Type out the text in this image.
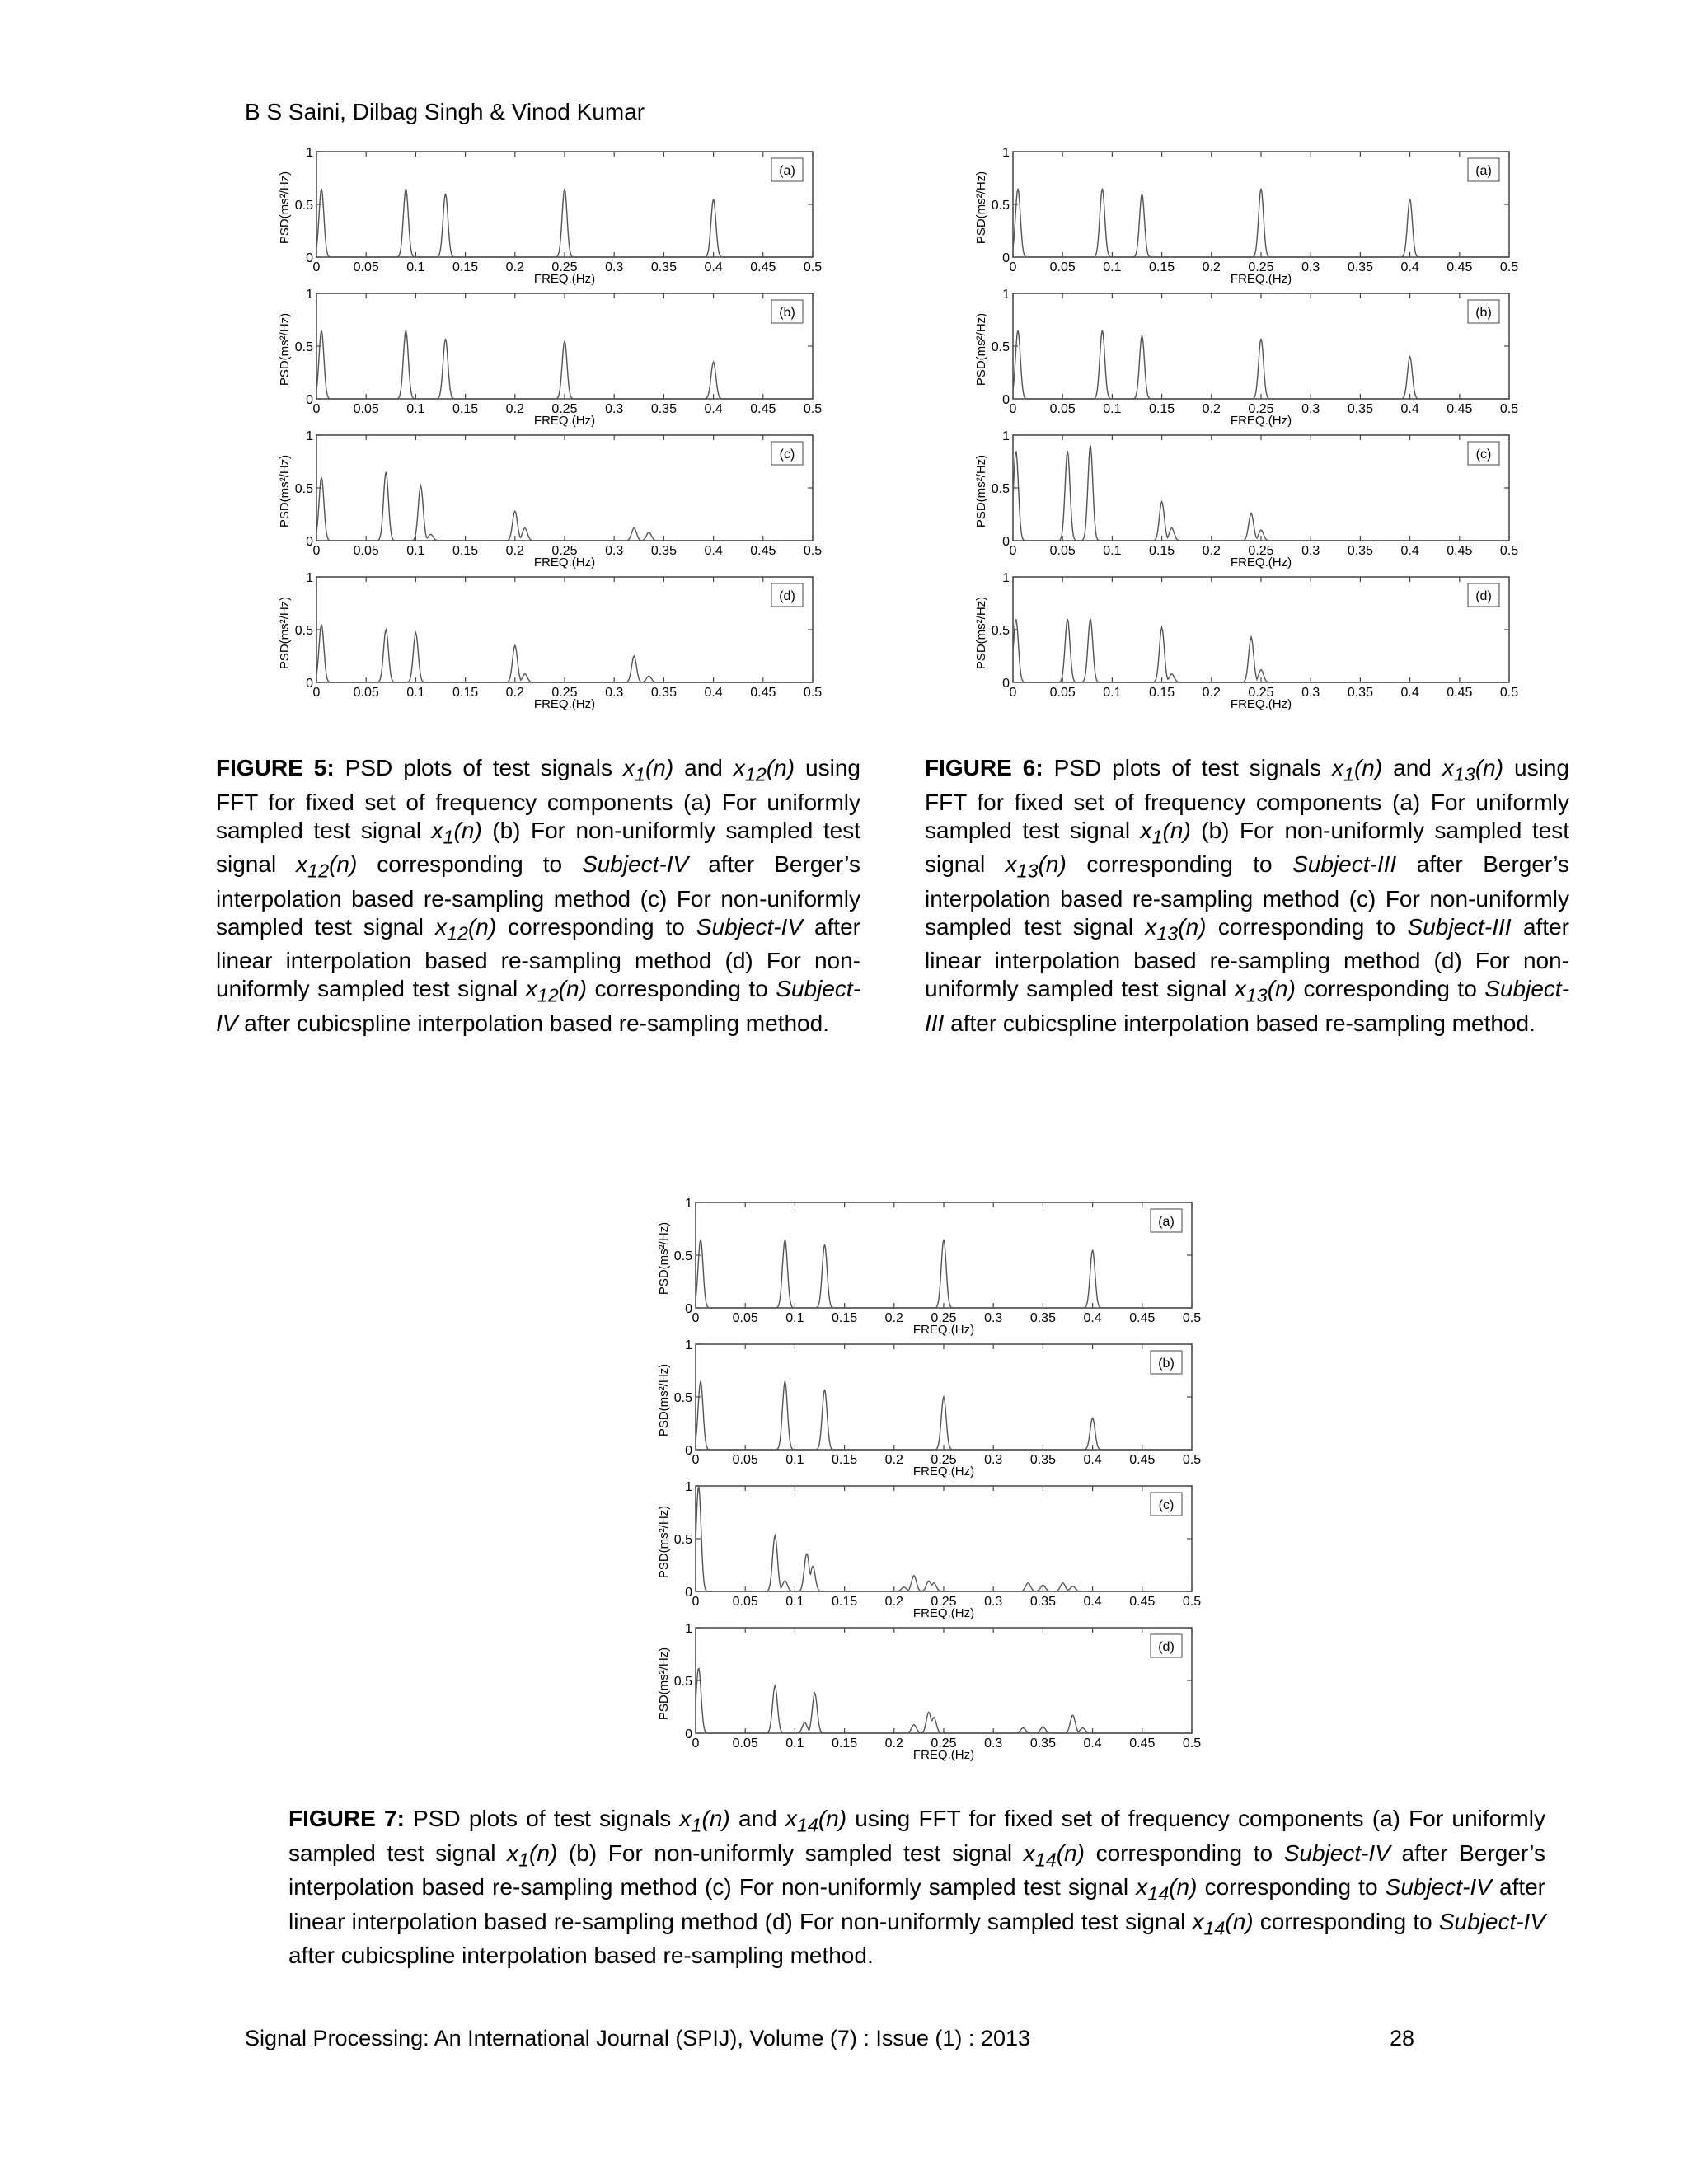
B S Saini, Dilbag Singh & Vinod Kumar
0
0.5
1
0	0.05 0.1 0.15 0.2 0.25 0.3 0.35 0.4 0.45 0.5
FREQ.(Hz)
PSD(ms²/Hz)
(a)
0
0.5
1
0	0.05 0.1 0.15 0.2 0.25 0.3 0.35 0.4 0.45 0.5
FREQ.(Hz)
PSD(ms²/Hz)
(b)
0
0.5
1
0	0.05 0.1 0.15 0.2 0.25 0.3 0.35 0.4 0.45 0.5
FREQ.(Hz)
PSD(ms²/Hz)
(c)
0
0.5
1
0	0.05 0.1 0.15 0.2 0.25 0.3 0.35 0.4 0.45 0.5
FREQ.(Hz)
PSD(ms²/Hz)
(d)
0
0.5
1
0	0.05 0.1 0.15 0.2 0.25 0.3 0.35 0.4 0.45 0.5
FREQ.(Hz)
PSD(ms²/Hz)
(a)
0
0.5
1
0	0.05 0.1 0.15 0.2 0.25 0.3 0.35 0.4 0.45 0.5
FREQ.(Hz)
PSD(ms²/Hz)
(b)
0
0.5
1
0	0.05 0.1 0.15 0.2 0.25 0.3 0.35 0.4 0.45 0.5
FREQ.(Hz)
PSD(ms²/Hz)
(c)
0
0.5
1
0	0.05 0.1 0.15 0.2 0.25 0.3 0.35 0.4 0.45 0.5
FREQ.(Hz)
PSD(ms²/Hz)
(d)
0
0.5
1
0	0.05 0.1 0.15 0.2 0.25 0.3 0.35 0.4 0.45 0.5
FREQ.(Hz)
PSD(ms²/Hz)
(a)
0
0.5
1
0	0.05 0.1 0.15 0.2 0.25 0.3 0.35 0.4 0.45 0.5
FREQ.(Hz)
PSD(ms²/Hz)
(b)
0
0.5
1
0	0.05 0.1 0.15 0.2 0.25 0.3 0.35 0.4 0.45 0.5
FREQ.(Hz)
PSD(ms²/Hz)
(c)
0
0.5
1
0	0.05 0.1 0.15 0.2 0.25 0.3 0.35 0.4 0.45 0.5
FREQ.(Hz)
PSD(ms²/Hz)
(d)
FIGURE 5: PSD plots of test signals $x_1(n)$ and $x_{12}(n)$ using FFT for fixed set of frequency components (a) For uniformly sampled test signal $x_1(n)$ (b) For non-uniformly sampled test signal $x_{12}(n)$ corresponding to Subject-IV after Berger’s interpolation based re-sampling method (c) For non-uniformly sampled test signal $x_{12}(n)$ corresponding to Subject-IV after linear interpolation based re-sampling method (d) For non-uniformly sampled test signal $x_{12}(n)$ corresponding to Subject-IV after cubicspline interpolation based re-sampling method.
FIGURE 6: PSD plots of test signals $x_1(n)$ and $x_{13}(n)$ using FFT for fixed set of frequency components (a) For uniformly sampled test signal $x_1(n)$ (b) For non-uniformly sampled test signal $x_{13}(n)$ corresponding to Subject-III after Berger’s interpolation based re-sampling method (c) For non-uniformly sampled test signal $x_{13}(n)$ corresponding to Subject-III after linear interpolation based re-sampling method (d) For non-uniformly sampled test signal $x_{13}(n)$ corresponding to Subject-III after cubicspline interpolation based re-sampling method.
FIGURE 7: PSD plots of test signals $x_1(n)$ and $x_{14}(n)$ using FFT for fixed set of frequency components (a) For uniformly sampled test signal $x_1(n)$ (b) For non-uniformly sampled test signal $x_{14}(n)$ corresponding to Subject-IV after Berger’s interpolation based re-sampling method (c) For non-uniformly sampled test signal $x_{14}(n)$ corresponding to Subject-IV after linear interpolation based re-sampling method (d) For non-uniformly sampled test signal $x_{14}(n)$ corresponding to Subject-IV after cubicspline interpolation based re-sampling method.
Signal Processing: An International Journal (SPIJ), Volume (7) : Issue (1) : 2013	28
